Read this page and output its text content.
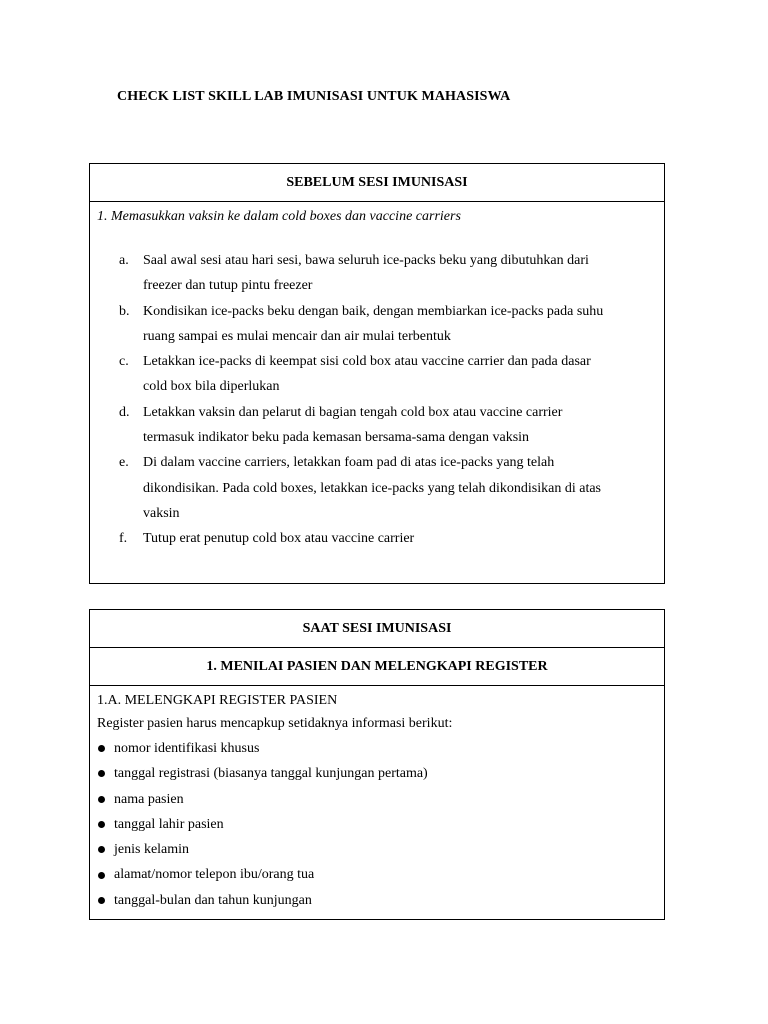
CHECK LIST SKILL LAB IMUNISASI UNTUK MAHASISWA
SEBELUM SESI IMUNISASI
1. Memasukkan vaksin ke dalam cold boxes dan vaccine carriers
a.	Saal awal sesi atau hari sesi, bawa seluruh ice-packs beku yang dibutuhkan dari
freezer dan tutup pintu freezer
b. Kondisikan ice-packs beku dengan baik, dengan membiarkan ice-packs pada suhu
ruang sampai es mulai mencair dan air mulai terbentuk
c.	Letakkan ice-packs di keempat sisi cold box atau vaccine carrier dan pada dasar
cold box bila diperlukan
d. Letakkan vaksin dan pelarut di bagian tengah cold box atau vaccine carrier
termasuk indikator beku pada kemasan bersama-sama dengan vaksin
e.	Di dalam vaccine carriers, letakkan foam pad di atas ice-packs yang telah
dikondisikan. Pada cold boxes, letakkan ice-packs yang telah dikondisikan di atas
vaksin
f.	Tutup erat penutup cold box atau vaccine carrier
SAAT SESI IMUNISASI
1. MENILAI PASIEN DAN MELENGKAPI REGISTER
1.A. MELENGKAPI REGISTER PASIEN
Register pasien harus mencapkup setidaknya informasi berikut:
nomor identifikasi khusus
tanggal registrasi (biasanya tanggal kunjungan pertama)
nama pasien
tanggal lahir pasien
jenis kelamin
alamat/nomor telepon ibu/orang tua
tanggal-bulan dan tahun kunjungan
